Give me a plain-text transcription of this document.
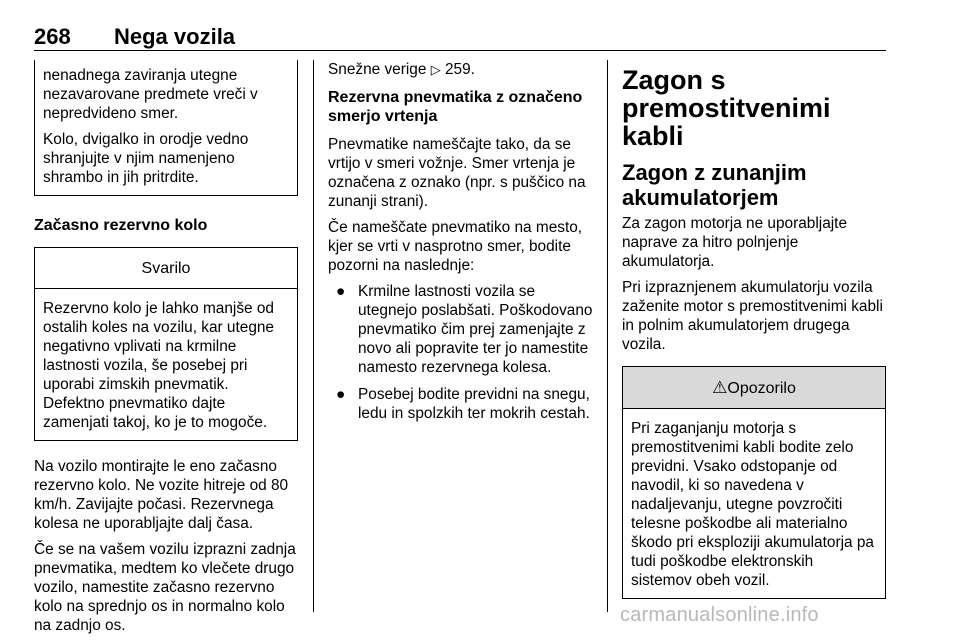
268 Nega vozila

nenadnega zaviranja utegne nezavarovane predmete vreči v nepredvideno smer.

Kolo, dvigalko in orodje vedno shranjujte v njim namenjeno shrambo in jih pritrdite.

Začasno rezervno kolo
Svarilo
Rezervno kolo je lahko manjše od ostalih koles na vozilu, kar utegne negativno vplivati na krmilne lastnosti vozila, še posebej pri uporabi zimskih pnevmatik. Defektno pnevmatiko dajte zamenjati takoj, ko je to mogoče.

Na vozilo montirajte le eno začasno rezervno kolo. Ne vozite hitreje od 80 km/h. Zavijajte počasi. Rezervnega kolesa ne uporabljajte dalj časa.

Če se na vašem vozilu izprazni zadnja pnevmatika, medtem ko vlečete drugo vozilo, namestite začasno rezervno kolo na sprednjo os in normalno kolo na zadnjo os.

Snežne verige ▷ 259.

Rezervna pnevmatika z označeno smerjo vrtenja

Pnevmatike nameščajte tako, da se vrtijo v smeri vožnje. Smer vrtenja je označena z oznako (npr. s puščico na zunanji strani).

Če nameščate pnevmatiko na mesto, kjer se vrti v nasprotno smer, bodite pozorni na naslednje:

● Krmilne lastnosti vozila se utegnejo poslabšati. Poškodovano pnevmatiko čim prej zamenjajte z novo ali popravite ter jo namestite namesto rezervnega kolesa.
● Posebej bodite previdni na snegu, ledu in spolzkih ter mokrih cestah.
Zagon s premostitvenimi kabli
Zagon z zunanjim akumulatorjem

Za zagon motorja ne uporabljajte naprave za hitro polnjenje akumulatorja.

Pri izpraznjenem akumulatorju vozila zaženite motor s premostitvenimi kabli in polnim akumulatorjem drugega vozila.

⚠Opozorilo
Pri zaganjanju motorja s premostitvenimi kabli bodite zelo previdni. Vsako odstopanje od navodil, ki so navedena v nadaljevanju, utegne povzročiti telesne poškodbe ali materialno škodo pri eksploziji akumulatorja pa tudi poškodbe elektronskih sistemov obeh vozil.
carmanualsonline.info
